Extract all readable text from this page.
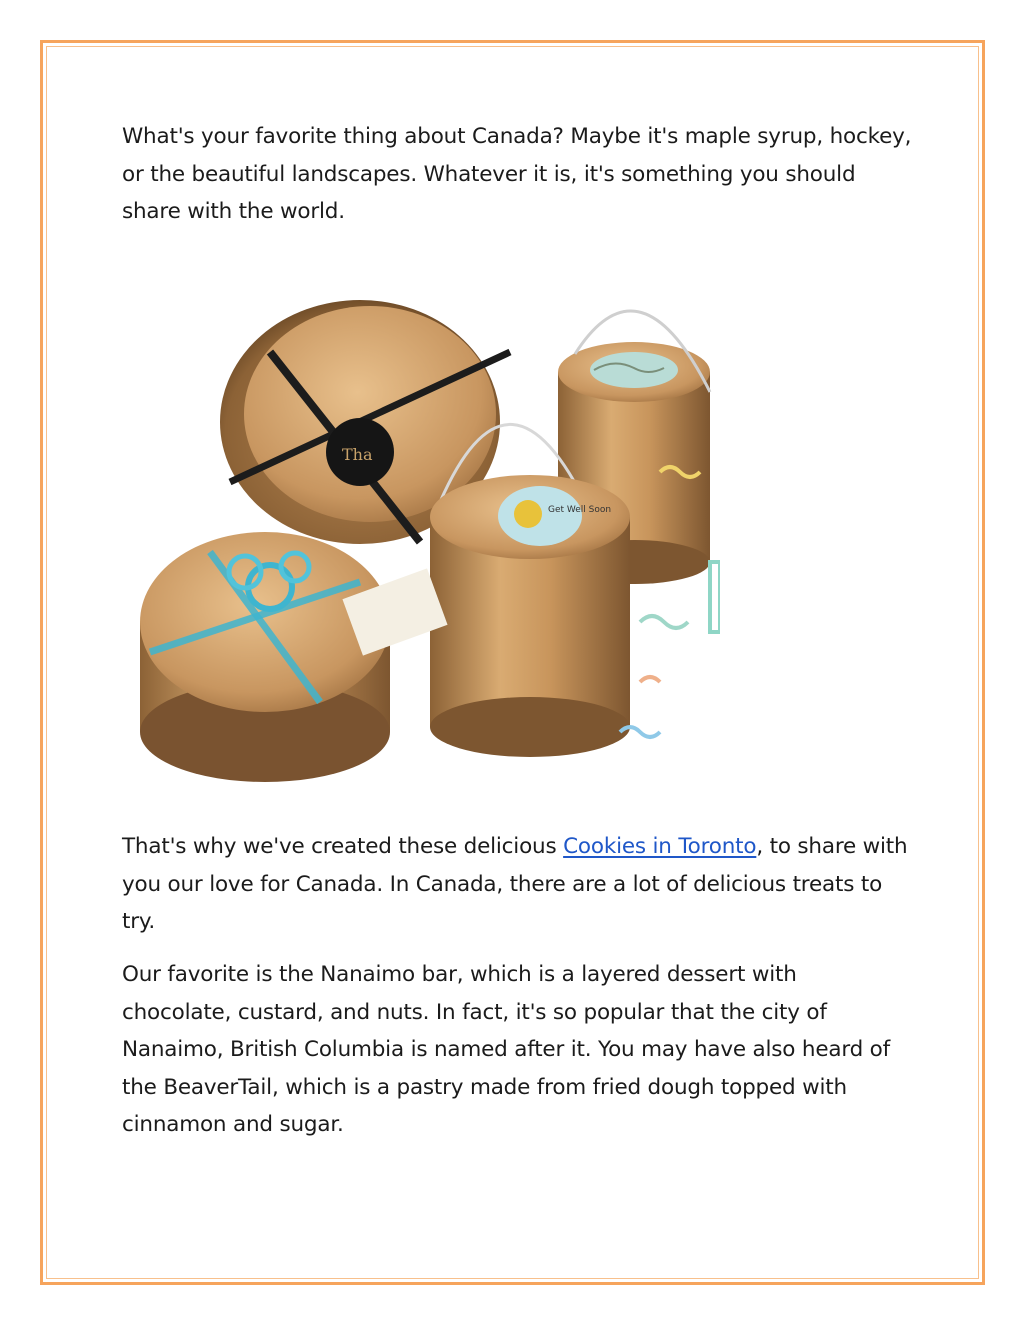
What's your favorite thing about Canada? Maybe it's maple syrup, hockey, or the beautiful landscapes. Whatever it is, it's something you should share with the world.

Tha
Get Well Soon

That's why we've created these delicious Cookies in Toronto, to share with you our love for Canada. In Canada, there are a lot of delicious treats to try.

Our favorite is the Nanaimo bar, which is a layered dessert with chocolate, custard, and nuts. In fact, it's so popular that the city of Nanaimo, British Columbia is named after it. You may have also heard of the BeaverTail, which is a pastry made from fried dough topped with cinnamon and sugar.
